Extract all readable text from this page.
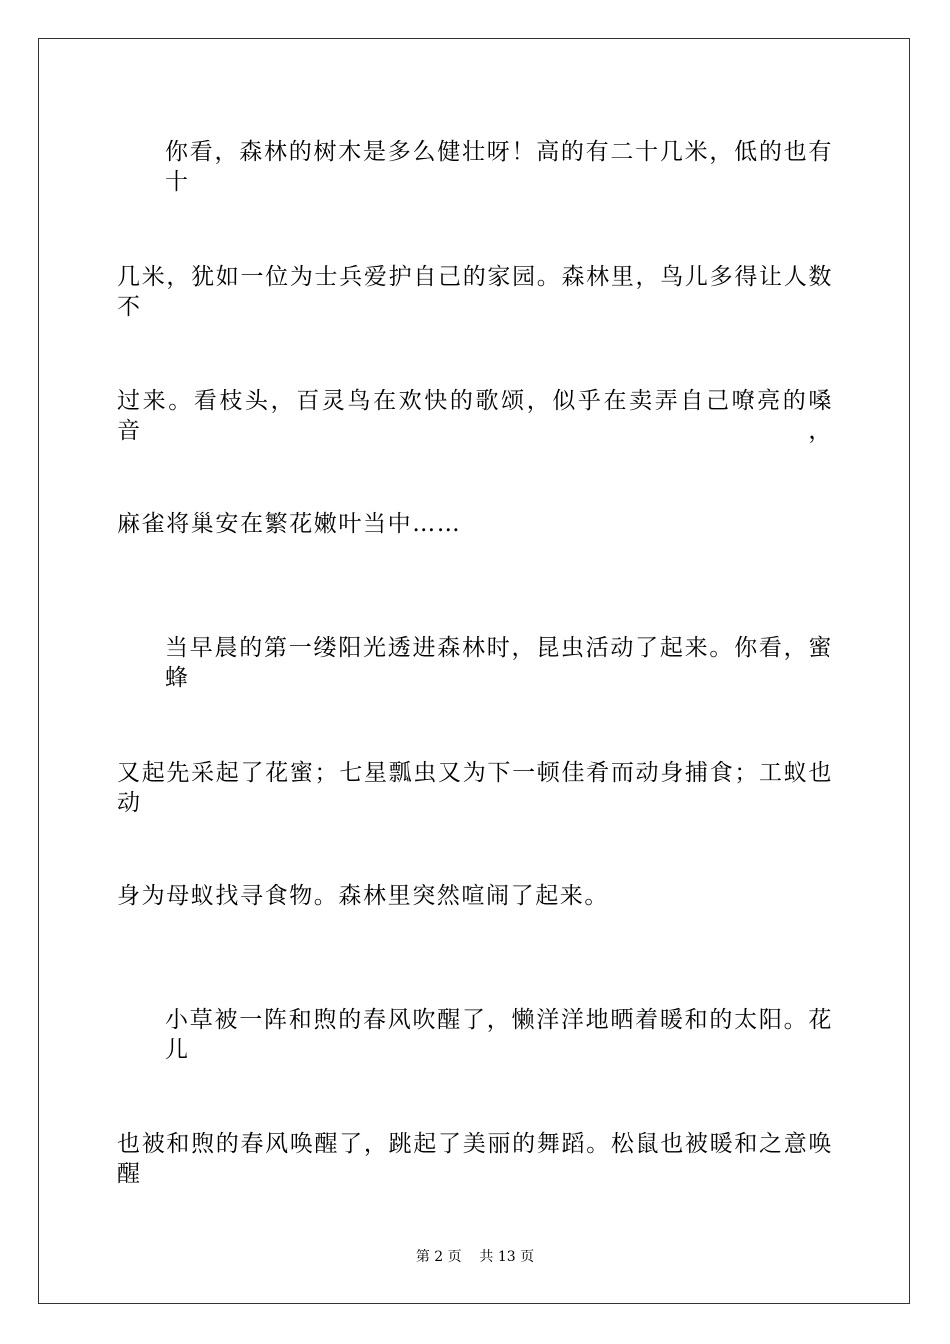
你看，森林的树木是多么健壮呀！高的有二十几米，低的也有十
几米，犹如一位为士兵爱护自己的家园。森林里，鸟儿多得让人数不
过来。看枝头，百灵鸟在欢快的歌颂，似乎在卖弄自己嘹亮的嗓音，
麻雀将巢安在繁花嫩叶当中……
当早晨的第一缕阳光透进森林时，昆虫活动了起来。你看，蜜蜂
又起先采起了花蜜；七星瓢虫又为下一顿佳肴而动身捕食；工蚁也动
身为母蚁找寻食物。森林里突然喧闹了起来。
小草被一阵和煦的春风吹醒了，懒洋洋地晒着暖和的太阳。花儿
也被和煦的春风唤醒了，跳起了美丽的舞蹈。松鼠也被暖和之意唤醒
第 2 页    共 13 页
